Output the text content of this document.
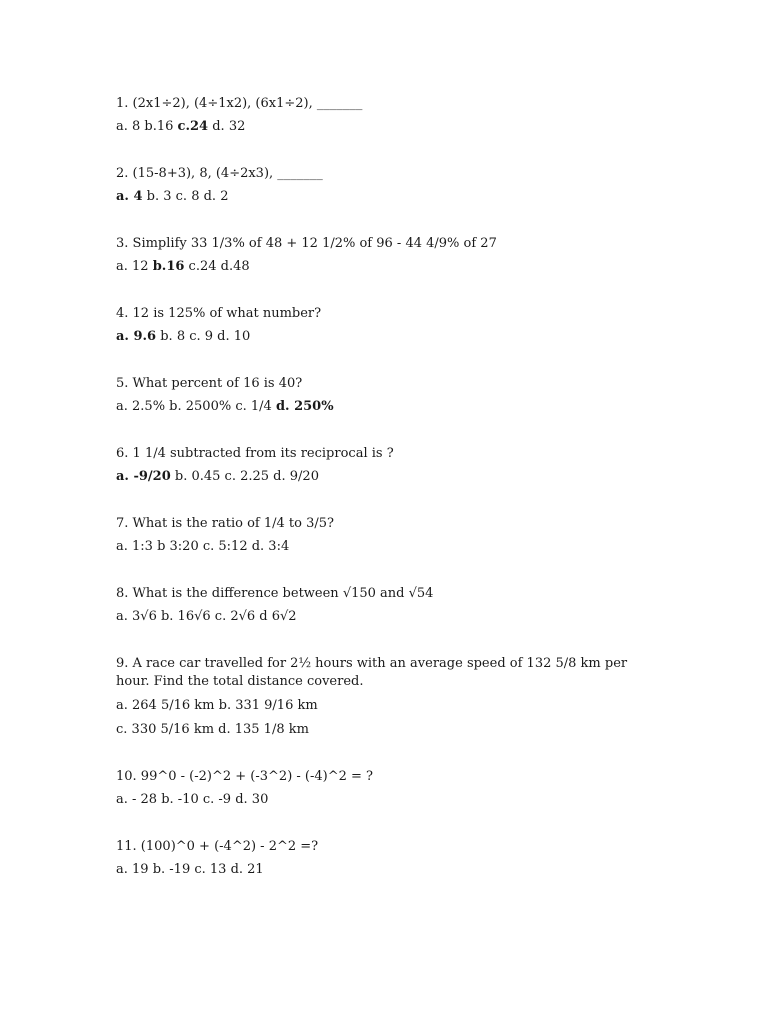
1. (2x1÷2), (4÷1x2), (6x1÷2), _______
a. 8 b.16 c.24 d. 32
2. (15-8+3), 8, (4÷2x3), _______
a. 4 b. 3 c. 8 d. 2
3. Simplify 33 1/3% of 48 + 12 1/2% of 96 - 44 4/9% of 27
a. 12 b.16 c.24 d.48
4. 12 is 125% of what number?
a. 9.6 b. 8 c. 9 d. 10
5. What percent of 16 is 40?
a. 2.5% b. 2500% c. 1/4 d. 250%
6. 1 1/4 subtracted from its reciprocal is ?
a. -9/20 b. 0.45 c. 2.25 d. 9/20
7. What is the ratio of 1/4 to 3/5?
a. 1:3 b 3:20 c. 5:12 d. 3:4
8. What is the difference between √150 and √54
a. 3√6 b. 16√6 c. 2√6 d 6√2
9. A race car travelled for 2½ hours with an average speed of 132 5/8 km per hour. Find the total distance covered.
a. 264 5/16 km b. 331 9/16 km
c. 330 5/16 km d. 135 1/8 km
10. 99^0 - (-2)^2 + (-3^2) - (-4)^2 = ?
a. - 28 b. -10 c. -9 d. 30
11. (100)^0 + (-4^2) - 2^2 =?
a. 19 b. -19 c. 13 d. 21
